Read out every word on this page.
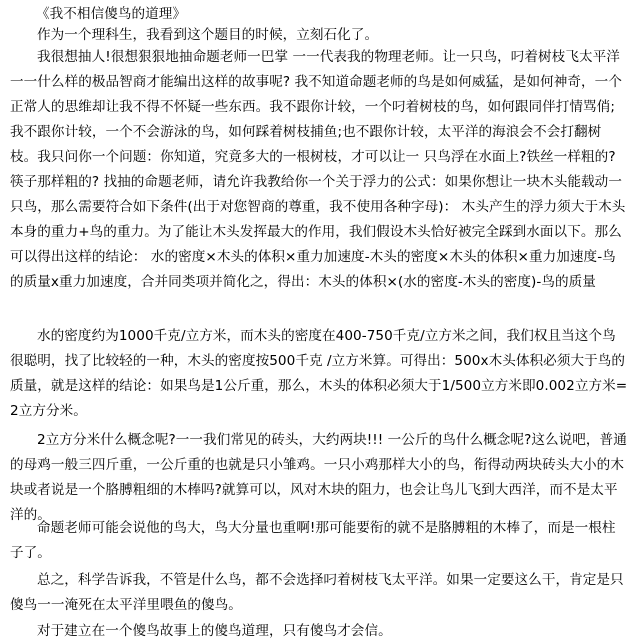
《我不相信傻鸟的道理》

作为一个理科生，我看到这个题目的时候，立刻石化了。

我很想抽人!很想狠狠地抽命题老师一巴掌 一一代表我的物理老师。让一只鸟，叼着树枝飞太平洋一一什么样的极品智商才能编出这样的故事呢? 我不知道命题老师的鸟是如何威猛，是如何神奇，一个正常人的思维却让我不得不怀疑一些东西。我不跟你计较，一个叼着树枝的鸟，如何跟同伴打情骂俏;我不跟你计较，一个不会游泳的鸟，如何踩着树枝捕鱼;也不跟你计较，太平洋的海浪会不会打翻树枝。我只问你一个问题：你知道，究竟多大的一根树枝，才可以让一 只鸟浮在水面上?铁丝一样粗的?筷子那样粗的? 找抽的命题老师，请允许我教给你一个关于浮力的公式：如果你想让一块木头能载动一只鸟，那么需要符合如下条件(出于对您智商的尊重，我不使用各种字母)： 木头产生的浮力须大于木头本身的重力+鸟的重力。为了能让木头发挥最大的作用，我们假设木头恰好被完全踩到水面以下。那么可以得出这样的结论： 水的密度×木头的体积×重力加速度-木头的密度×木头的体积×重力加速度-鸟的质量x重力加速度，合并同类项并简化之，得出：木头的体积×(水的密度-木头的密度)-鸟的质量

水的密度约为1000千克/立方米，而木头的密度在400-750千克/立方米之间，我们权且当这个鸟很聪明，找了比较轻的一种，木头的密度按500千克 /立方米算。可得出：500x木头体积必须大于鸟的质量，就是这样的结论：如果鸟是1公斤重，那么，木头的体积必须大于1/500立方米即0.002立方米=2立方分米。

2立方分米什么概念呢?一一我们常见的砖头，大约两块!!! 一公斤的鸟什么概念呢?这么说吧，普通的母鸡一般三四斤重，一公斤重的也就是只小雏鸡。一只小鸡那样大小的鸟，衔得动两块砖头大小的木块或者说是一个胳膊粗细的木棒吗?就算可以，风对木块的阻力，也会让鸟儿飞到大西洋，而不是太平洋的。

命题老师可能会说他的鸟大，鸟大分量也重啊!那可能要衔的就不是胳膊粗的木棒了，而是一根柱子了。

总之，科学告诉我，不管是什么鸟，都不会选择叼着树枝飞太平洋。如果一定要这么干，肯定是只傻鸟一一淹死在太平洋里喂鱼的傻鸟。

对于建立在一个傻鸟故事上的傻鸟道理，只有傻鸟才会信。
